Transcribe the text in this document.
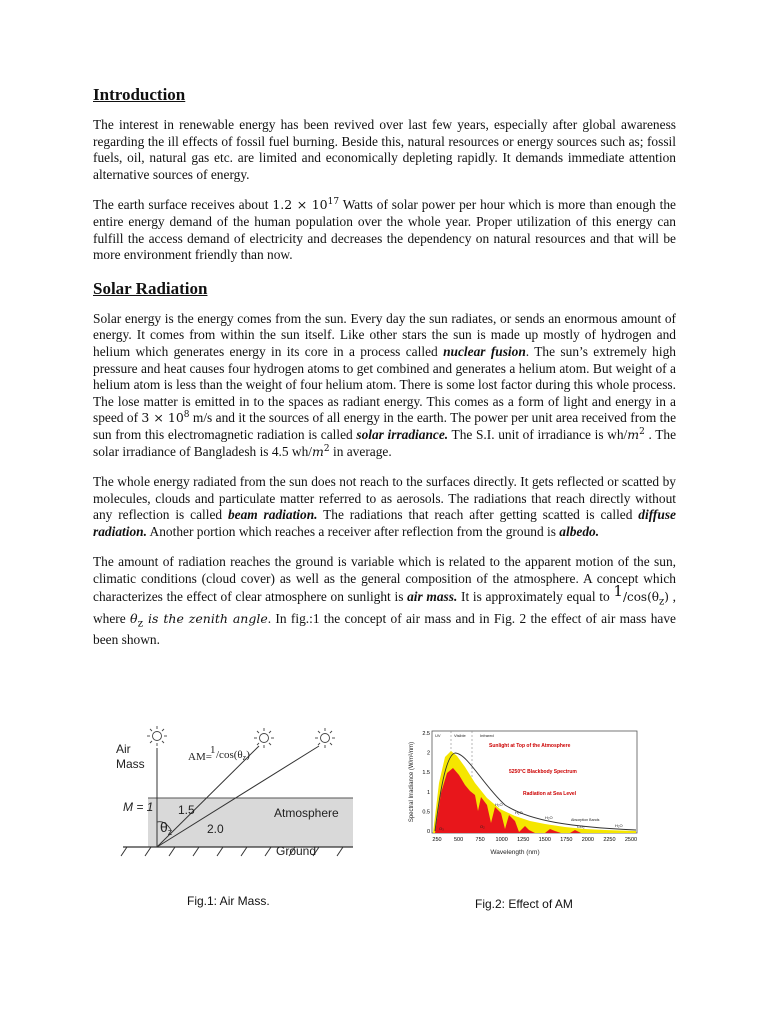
Introduction

The interest in renewable energy has been revived over last few years, especially after global awareness regarding the ill effects of fossil fuel burning. Beside this, natural resources or energy sources such as; fossil fuels, oil, natural gas etc. are limited and economically depleting rapidly. It demands immediate attention alternative sources of energy.

The earth surface receives about $1.2 \times 10^{17}$ Watts of solar power per hour which is more than enough the entire energy demand of the human population over the whole year. Proper utilization of this energy can fulfill the access demand of electricity and decreases the dependency on natural resources and that will be more environment friendly than now.

Solar Radiation

Solar energy is the energy comes from the sun. Every day the sun radiates, or sends an enormous amount of energy. It comes from within the sun itself. Like other stars the sun is made up mostly of hydrogen and helium which generates energy in its core in a process called nuclear fusion. The sun’s extremely high pressure and heat causes four hydrogen atoms to get combined and generates a helium atom. But weight of a helium atom is less than the weight of four helium atom. There is some lost factor during this whole process. The lose matter is emitted in to the spaces as radiant energy. This comes as a form of light and energy in a speed of $3 \times 10^8$ m/s and it the sources of all energy in the earth. The power per unit area received from the sun from this electromagnetic radiation is called solar irradiance. The S.I. unit of irradiance is $wh/m^2$ . The solar irradiance of Bangladesh is 4.5 $wh/m^2$ in average.

The whole energy radiated from the sun does not reach to the surfaces directly. It gets reflected or scatted by molecules, clouds and particulate matter referred to as aerosols. The radiations that reach directly without any reflection is called beam radiation. The radiations that reach after getting scatted is called diffuse radiation. Another portion which reaches a receiver after reflection from the ground is albedo.

The amount of radiation reaches the ground is variable which is related to the apparent motion of the sun, climatic conditions (cloud cover) as well as the general composition of the atmosphere. A concept which characterizes the effect of clear atmosphere on sunlight is air mass. It is approximately equal to $1/\cos(\theta_z)$ , where $\theta_z$ is the zenith angle. In fig.:1 the concept of air mass and in Fig. 2 the effect of air mass have been shown.

Air
Mass
M = 1 1.5
2.0
Atmosphere
Ground
$\theta_z$
AM=
1 /cos(θz)
250 500 750 1000 1250 1500 1750 2000 2250 2500
2.5
2
1.5
1
0.5
0
UV	Visible	Infrared
Sunlight at Top of the Atmosphere
5250°C Blackbody Spectrum
Radiation at Sea Level
H₂O
H₂O
H₂O
H₂O
O₂
O₃	CO₂
Absorption Bands
Wavelength (nm)
Spectral Irradiance (W/m²/nm)
Fig.1: Air Mass.	Fig.2: Effect of AM
